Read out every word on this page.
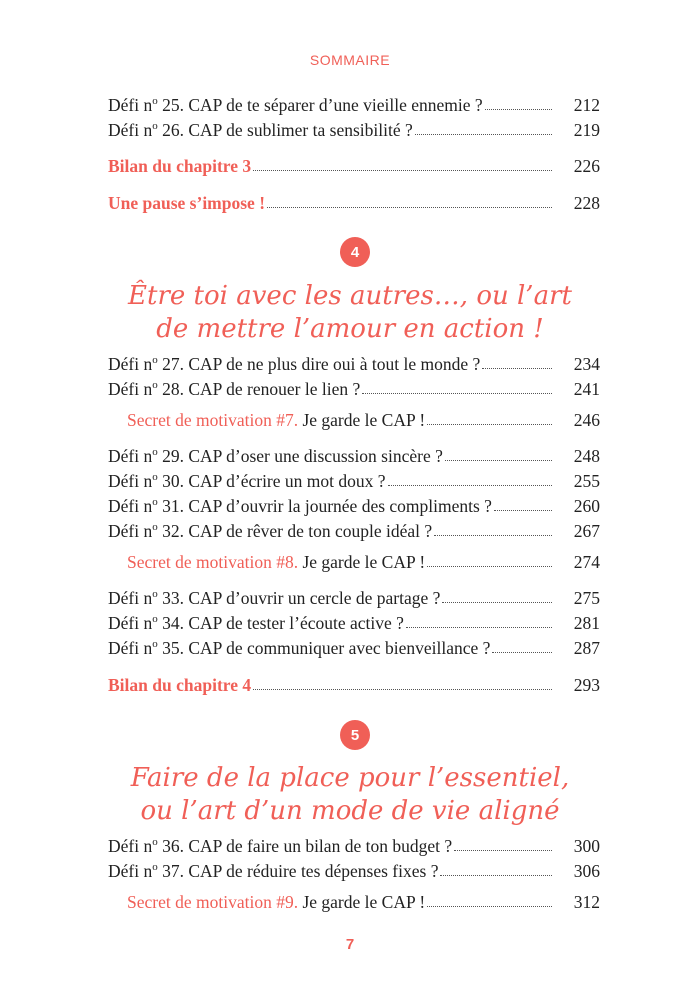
SOMMAIRE
Défi $n^o$ 25. CAP de te séparer d’une vieille ennemie ?	212
Défi $n^o$ 26. CAP de sublimer ta sensibilité ?	219
Bilan du chapitre 3	226
Une pause s’impose !	228
Défi $n^o$ 27. CAP de ne plus dire oui à tout le monde ?	234
Défi $n^o$ 28. CAP de renouer le lien ?	241
Secret de motivation #7. Je garde le CAP !	246
Défi $n^o$ 29. CAP d’oser une discussion sincère ?	248
Défi $n^o$ 30. CAP d’écrire un mot doux ?	255
Défi $n^o$ 31. CAP d’ouvrir la journée des compliments ?	260
Défi $n^o$ 32. CAP de rêver de ton couple idéal ?	267
Secret de motivation #8. Je garde le CAP !	274
Défi $n^o$ 33. CAP d’ouvrir un cercle de partage ?	275
Défi $n^o$ 34. CAP de tester l’écoute active ?	281
Défi $n^o$ 35. CAP de communiquer avec bienveillance ?	287
Bilan du chapitre 4	293
Défi $n^o$ 36. CAP de faire un bilan de ton budget ?	300
Défi $n^o$ 37. CAP de réduire tes dépenses fixes ?	306
Secret de motivation #9. Je garde le CAP !	312
4
Être toi avec les autres…, ou l’art
de mettre l’amour en action !
5
Faire de la place pour l’essentiel,
ou l’art d’un mode de vie aligné
7
